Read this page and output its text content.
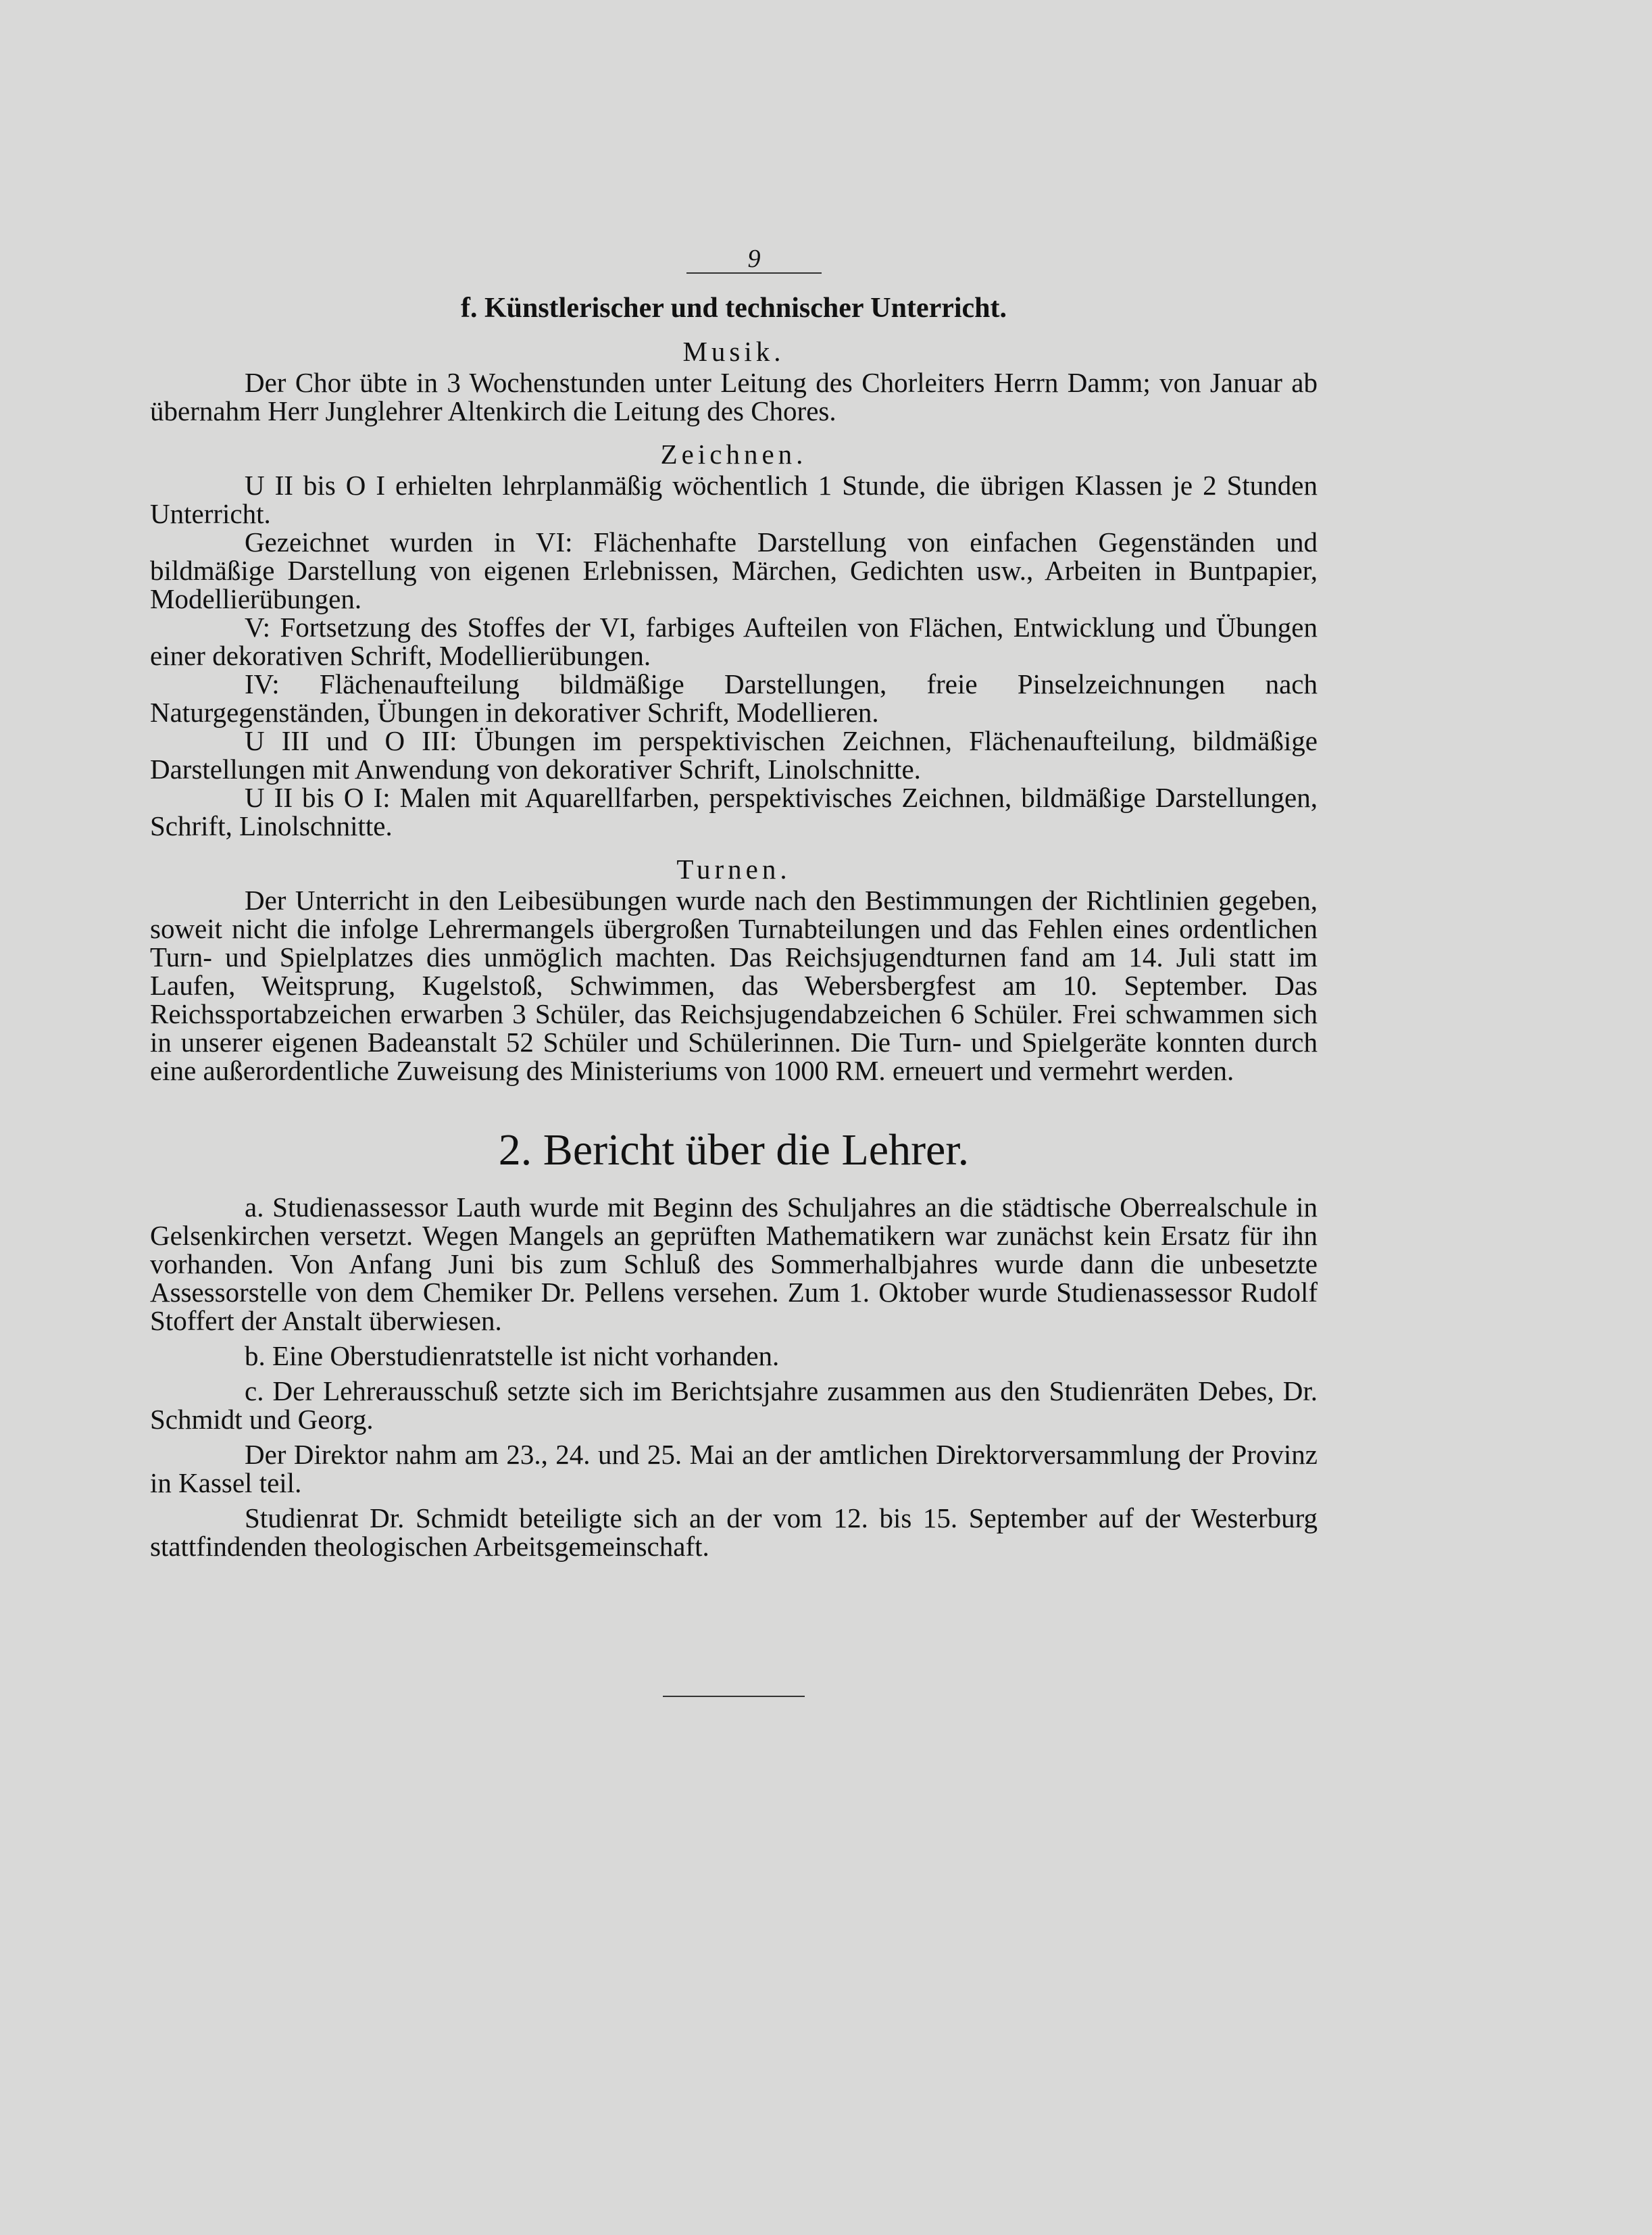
9
f. Künstlerischer und technischer Unterricht.
Musik.

Der Chor übte in 3 Wochenstunden unter Leitung des Chorleiters Herrn Damm; von Januar ab übernahm Herr Junglehrer Altenkirch die Leitung des Chores.

Zeichnen.

U II bis O I erhielten lehrplanmäßig wöchentlich 1 Stunde, die übrigen Klassen je 2 Stunden Unterricht.

Gezeichnet wurden in VI: Flächenhafte Darstellung von einfachen Gegenständen und bildmäßige Darstellung von eigenen Erlebnissen, Märchen, Gedichten usw., Arbeiten in Buntpapier, Modellierübungen.

V: Fortsetzung des Stoffes der VI, farbiges Aufteilen von Flächen, Entwicklung und Übungen einer dekorativen Schrift, Modellierübungen.

IV: Flächenaufteilung bildmäßige Darstellungen, freie Pinselzeichnungen nach Naturgegenständen, Übungen in dekorativer Schrift, Modellieren.

U III und O III: Übungen im perspektivischen Zeichnen, Flächenaufteilung, bildmäßige Darstellungen mit Anwendung von dekorativer Schrift, Linolschnitte.

U II bis O I: Malen mit Aquarellfarben, perspektivisches Zeichnen, bildmäßige Darstellungen, Schrift, Linolschnitte.

Turnen.

Der Unterricht in den Leibesübungen wurde nach den Bestimmungen der Richtlinien gegeben, soweit nicht die infolge Lehrermangels übergroßen Turnabteilungen und das Fehlen eines ordentlichen Turn- und Spielplatzes dies unmöglich machten. Das Reichsjugendturnen fand am 14. Juli statt im Laufen, Weitsprung, Kugelstoß, Schwimmen, das Webersbergfest am 10. September. Das Reichssportabzeichen erwarben 3 Schüler, das Reichsjugendabzeichen 6 Schüler. Frei schwammen sich in unserer eigenen Badeanstalt 52 Schüler und Schülerinnen. Die Turn- und Spielgeräte konnten durch eine außerordentliche Zuweisung des Ministeriums von 1000 RM. erneuert und vermehrt werden.

2. Bericht über die Lehrer.

a. Studienassessor Lauth wurde mit Beginn des Schuljahres an die städtische Oberrealschule in Gelsenkirchen versetzt. Wegen Mangels an geprüften Mathematikern war zunächst kein Ersatz für ihn vorhanden. Von Anfang Juni bis zum Schluß des Sommerhalbjahres wurde dann die unbesetzte Assessorstelle von dem Chemiker Dr. Pellens versehen. Zum 1. Oktober wurde Studienassessor Rudolf Stoffert der Anstalt überwiesen.

b. Eine Oberstudienratstelle ist nicht vorhanden.

c. Der Lehrerausschuß setzte sich im Berichtsjahre zusammen aus den Studienräten Debes, Dr. Schmidt und Georg.

Der Direktor nahm am 23., 24. und 25. Mai an der amtlichen Direktorversammlung der Provinz in Kassel teil.

Studienrat Dr. Schmidt beteiligte sich an der vom 12. bis 15. September auf der Westerburg stattfindenden theologischen Arbeitsgemeinschaft.
